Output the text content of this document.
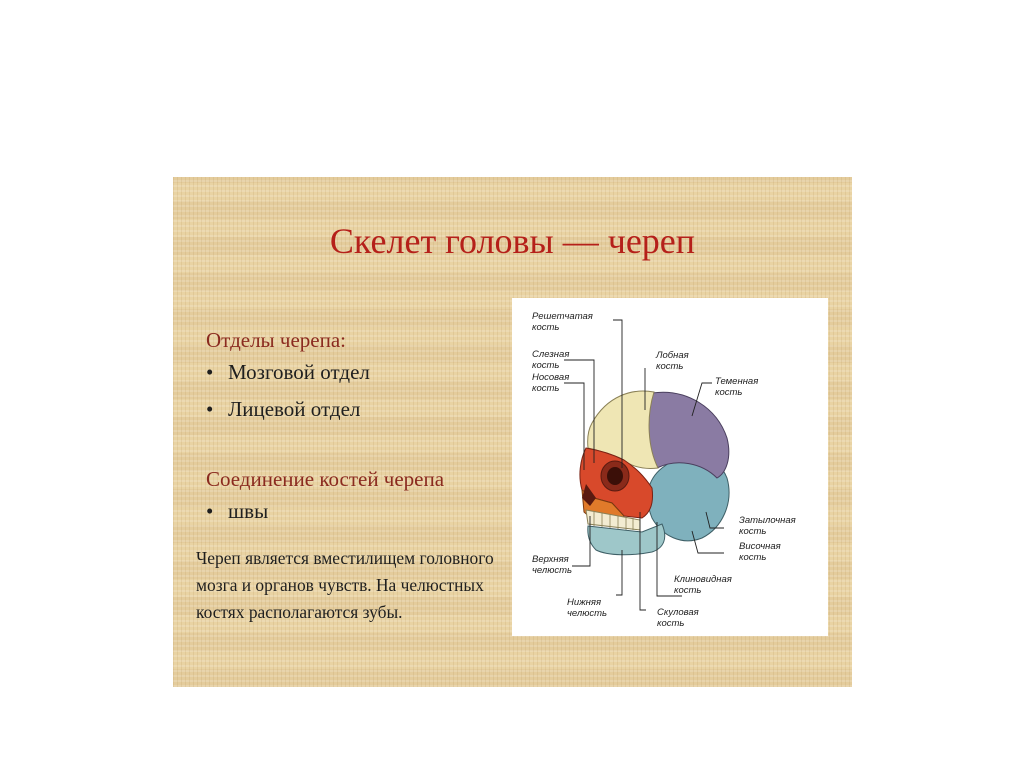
Скелет головы — череп
Отделы черепа:
• Мозговой отдел
• Лицевой отдел
Соединение костей черепа
• швы

Череп является вместилищем головного мозга и органов чувств. На челюстных костях располагаются зубы.

Решетчатая
кость
Слезная
кость
Носовая
кость
Лобная
кость
Теменная
кость
Затылочная
кость
Височная
кость
Клиновидная
кость
Верхняя
челюсть
Нижняя
челюсть	Скуловая
кость
